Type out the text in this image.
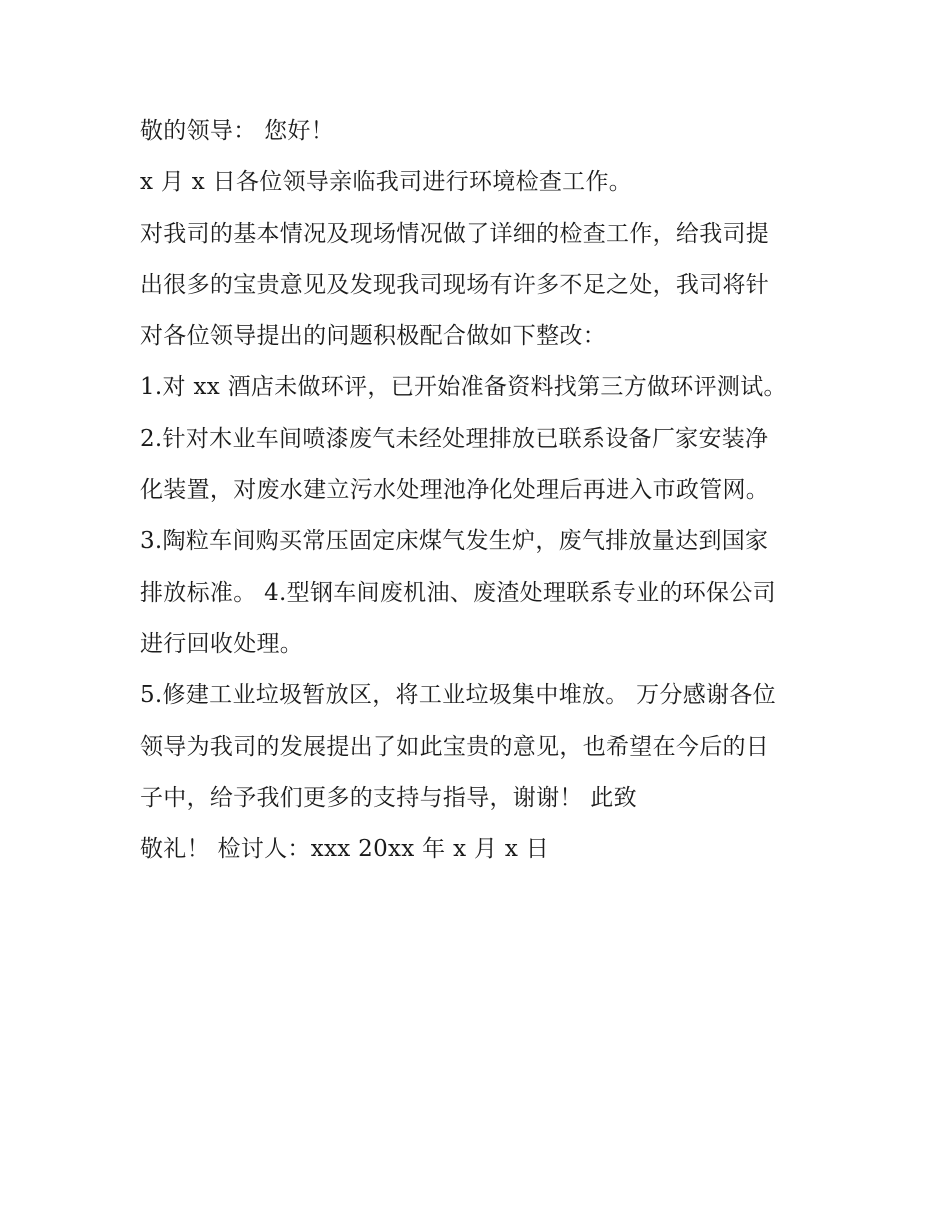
敬的领导： 您好！
x 月 x 日各位领导亲临我司进行环境检查工作。
对我司的基本情况及现场情况做了详细的检查工作，给我司提
出很多的宝贵意见及发现我司现场有许多不足之处，我司将针
对各位领导提出的问题积极配合做如下整改：
1.对 xx 酒店未做环评，已开始准备资料找第三方做环评测试。
2.针对木业车间喷漆废气未经处理排放已联系设备厂家安装净
化装置，对废水建立污水处理池净化处理后再进入市政管网。
3.陶粒车间购买常压固定床煤气发生炉，废气排放量达到国家
排放标准。 4.型钢车间废机油、废渣处理联系专业的环保公司
进行回收处理。
5.修建工业垃圾暂放区，将工业垃圾集中堆放。 万分感谢各位
领导为我司的发展提出了如此宝贵的意见，也希望在今后的日
子中，给予我们更多的支持与指导，谢谢！ 此致
敬礼！ 检讨人：xxx 20xx 年 x 月 x 日
